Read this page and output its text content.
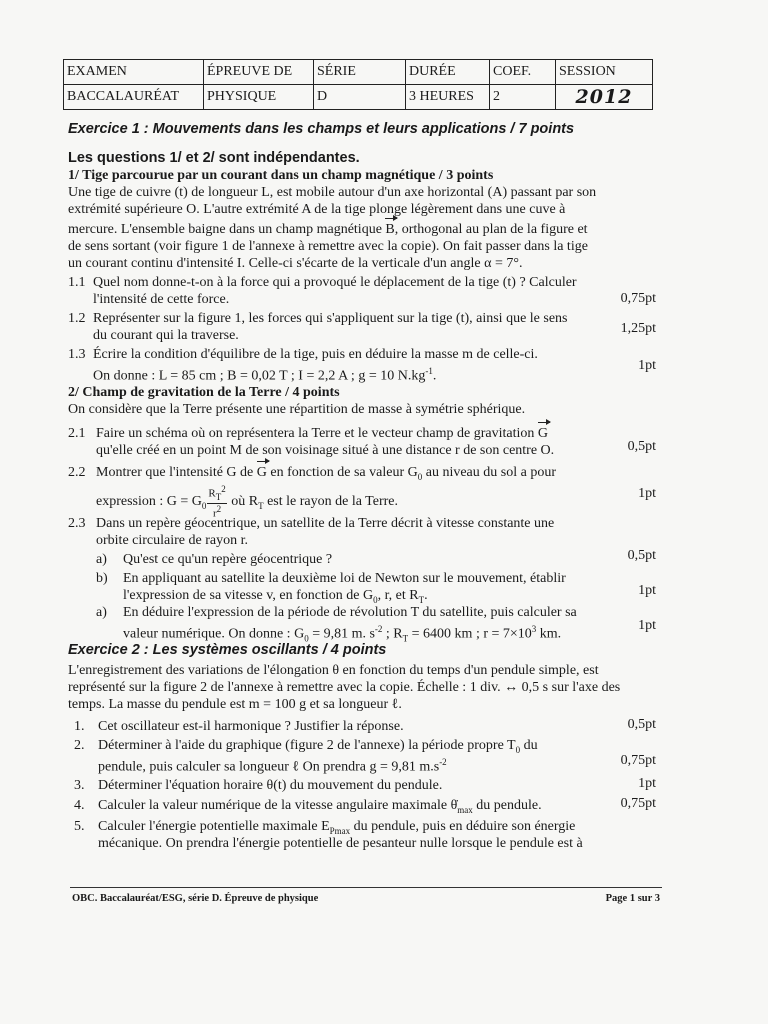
EXAMEN	ÉPREUVE DE	SÉRIE	DURÉE	COEF.	SESSION
BACCALAURÉAT	PHYSIQUE	D	3 HEURES	2	2012
Exercice 1 : Mouvements dans les champs et leurs applications / 7 points
Les questions 1/ et 2/ sont indépendantes.
1/ Tige parcourue par un courant dans un champ magnétique / 3 points
Une tige de cuivre (t) de longueur L, est mobile autour d'un axe horizontal (A) passant par son
extrémité supérieure O. L'autre extrémité A de la tige plonge légèrement dans une cuve à
mercure. L'ensemble baigne dans un champ magnétique B, orthogonal au plan de la figure et
de sens sortant (voir figure 1 de l'annexe à remettre avec la copie). On fait passer dans la tige
un courant continu d'intensité I. Celle-ci s'écarte de la verticale d'un angle α = 7°.
1.1 Quel nom donne-t-on à la force qui a provoqué le déplacement de la tige (t) ? Calculer
l'intensité de cette force.	0,75pt
1.2 Représenter sur la figure 1, les forces qui s'appliquent sur la tige (t), ainsi que le sens
du courant qui la traverse.	1,25pt
1.3 Écrire la condition d'équilibre de la tige, puis en déduire la masse m de celle-ci.
On donne : L = 85 cm ; B = 0,02 T ; I = 2,2 A ; g = 10 $N.kg^{-1}$.
1pt
2/ Champ de gravitation de la Terre / 4 points
On considère que la Terre présente une répartition de masse à symétrie sphérique.
2.1 Faire un schéma où on représentera la Terre et le vecteur champ de gravitation G
qu'elle créé en un point M de son voisinage situé à une distance r de son centre O.	0,5pt
2.2 Montrer que l'intensité G de G en fonction de sa valeur $G_0$ au niveau du sol a pour
expression : $G = G_0 \frac{R_T^2}{r^2}$ où $R_T$ est le rayon de la Terre.
1pt
2.3 Dans un repère géocentrique, un satellite de la Terre décrit à vitesse constante une
orbite circulaire de rayon r.
a) Qu'est ce qu'un repère géocentrique ?	0,5pt
b) En appliquant au satellite la deuxième loi de Newton sur le mouvement, établir
l'expression de sa vitesse v, en fonction de $G_0$, r, et $R_T$.	1pt
a) En déduire l'expression de la période de révolution T du satellite, puis calculer sa
valeur numérique. On donne : $G_0 = 9,81$ m. $s^{-2}$ ; $R_T = 6400$ km ; $r = 7\times 10^3$ km.
1pt
Exercice 2 : Les systèmes oscillants / 4 points
L'enregistrement des variations de l'élongation θ en fonction du temps d'un pendule simple, est
représenté sur la figure 2 de l'annexe à remettre avec la copie. Échelle : 1 div. ↔ 0,5 s sur l'axe des
temps. La masse du pendule est m = 100 g et sa longueur ℓ.
1. Cet oscillateur est-il harmonique ? Justifier la réponse.	0,5pt
2. Déterminer à l'aide du graphique (figure 2 de l'annexe) la période propre $T_0$ du
pendule, puis calculer sa longueur ℓ On prendra g = 9,81 $m.s^{-2}$	0,75pt
3. Déterminer l'équation horaire θ(t) du mouvement du pendule.	1pt
4. Calculer la valeur numérique de la vitesse angulaire maximale $\thetȧ_{max}$ du pendule.	0,75pt
5. Calculer l'énergie potentielle maximale $E_{Pmax}$ du pendule, puis en déduire son énergie
mécanique. On prendra l'énergie potentielle de pesanteur nulle lorsque le pendule est à
OBC. Baccalauréat/ESG, série D. Épreuve de physique	Page 1 sur 3
